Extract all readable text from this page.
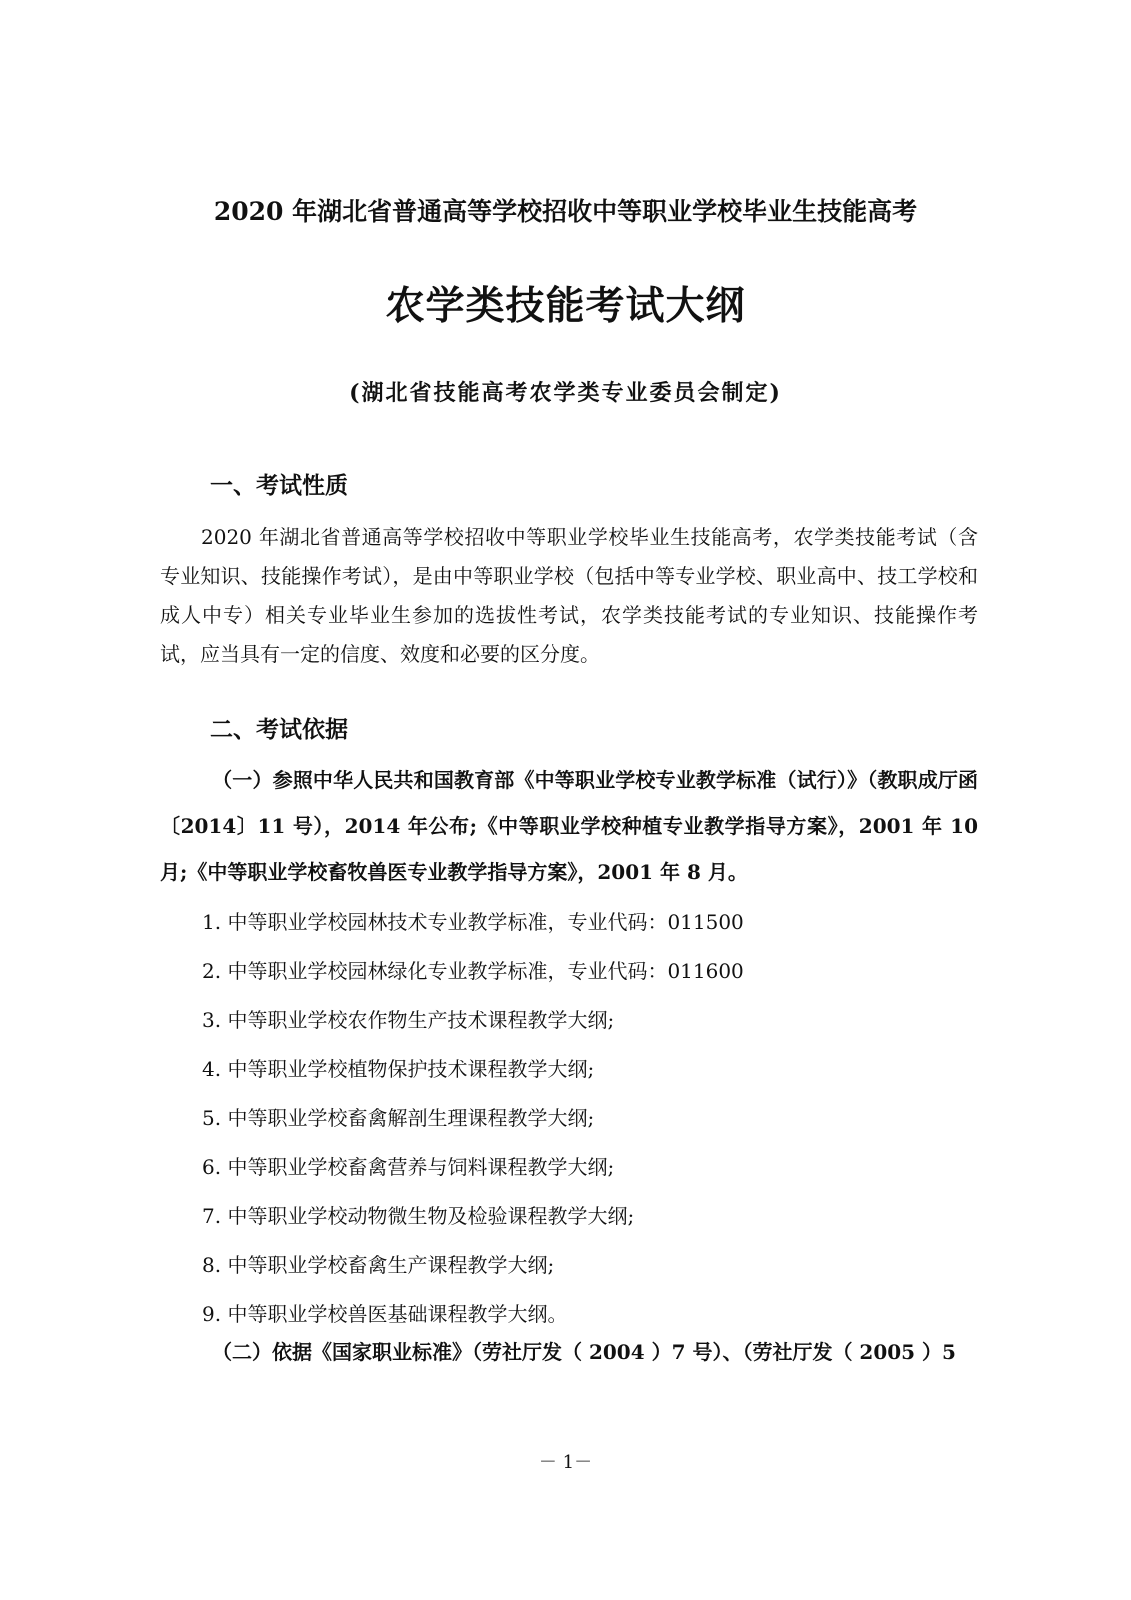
2020 年湖北省普通高等学校招收中等职业学校毕业生技能高考
农学类技能考试大纲
(湖北省技能高考农学类专业委员会制定)
一、考试性质
2020 年湖北省普通高等学校招收中等职业学校毕业生技能高考，农学类技能考试（含专业知识、技能操作考试），是由中等职业学校（包括中等专业学校、职业高中、技工学校和成人中专）相关专业毕业生参加的选拔性考试，农学类技能考试的专业知识、技能操作考试，应当具有一定的信度、效度和必要的区分度。
二、考试依据
（一）参照中华人民共和国教育部《中等职业学校专业教学标准（试行）》（教职成厅函〔2014〕11 号），2014 年公布;《中等职业学校种植专业教学指导方案》，2001 年 10 月;《中等职业学校畜牧兽医专业教学指导方案》，2001 年 8 月。
1. 中等职业学校园林技术专业教学标准，专业代码：011500
2. 中等职业学校园林绿化专业教学标准，专业代码：011600
3. 中等职业学校农作物生产技术课程教学大纲;
4. 中等职业学校植物保护技术课程教学大纲;
5. 中等职业学校畜禽解剖生理课程教学大纲;
6. 中等职业学校畜禽营养与饲料课程教学大纲;
7. 中等职业学校动物微生物及检验课程教学大纲;
8. 中等职业学校畜禽生产课程教学大纲;
9. 中等职业学校兽医基础课程教学大纲。
（二）依据《国家职业标准》（劳社厅发（ 2004 ）7 号）、（劳社厅发（ 2005 ）5
－ 1－
